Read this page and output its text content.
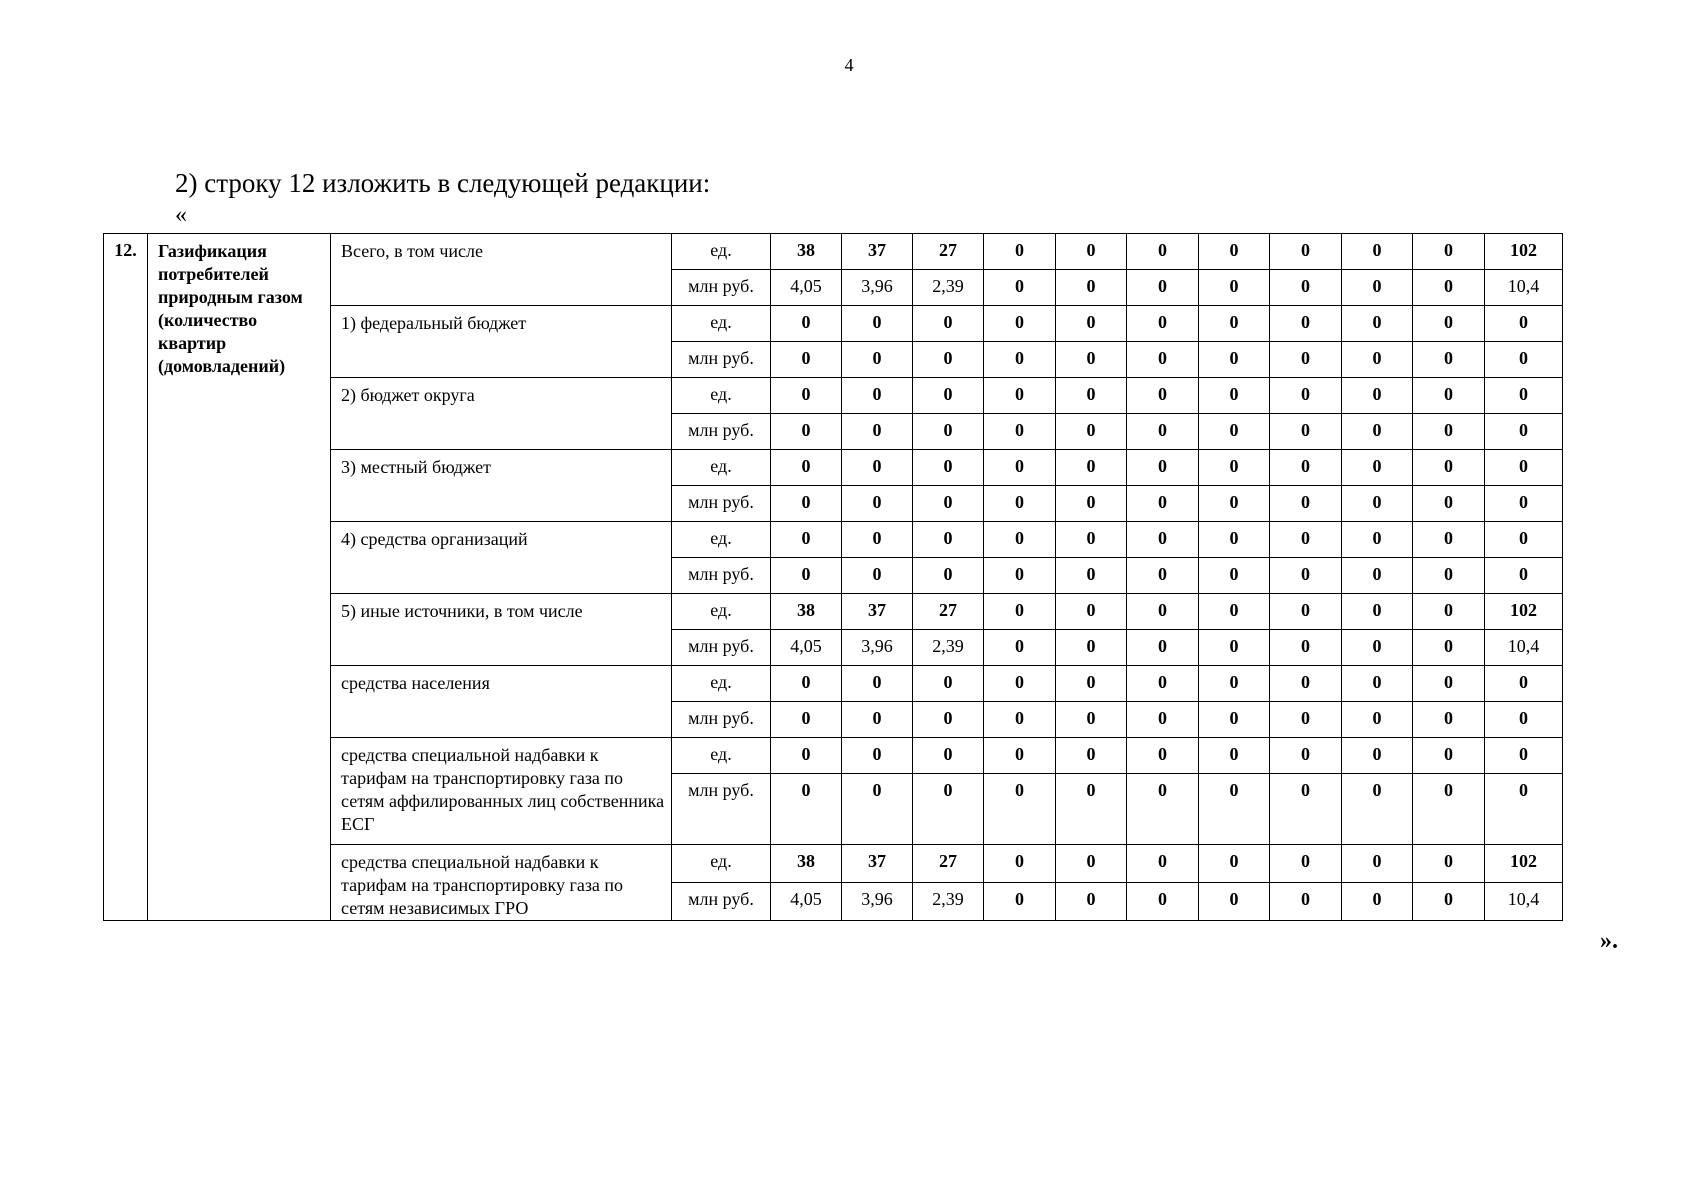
4
2) строку 12 изложить в следующей редакции:
«
12.	Газификация потребителей природным газом (количество квартир (домовладений)	Всего, в том числе	ед.	38	37	27	0	0	0	0	0	0	0	102
			млн руб.	4,05	3,96	2,39	0	0	0	0	0	0	0	10,4
		1) федеральный бюджет	ед.	0	0	0	0	0	0	0	0	0	0	0
			млн руб.	0	0	0	0	0	0	0	0	0	0	0
		2) бюджет округа	ед.	0	0	0	0	0	0	0	0	0	0	0
			млн руб.	0	0	0	0	0	0	0	0	0	0	0
		3) местный бюджет	ед.	0	0	0	0	0	0	0	0	0	0	0
			млн руб.	0	0	0	0	0	0	0	0	0	0	0
		4) средства организаций	ед.	0	0	0	0	0	0	0	0	0	0	0
			млн руб.	0	0	0	0	0	0	0	0	0	0	0
		5) иные источники, в том числе	ед.	38	37	27	0	0	0	0	0	0	0	102
			млн руб.	4,05	3,96	2,39	0	0	0	0	0	0	0	10,4
		средства населения	ед.	0	0	0	0	0	0	0	0	0	0	0
			млн руб.	0	0	0	0	0	0	0	0	0	0	0
		средства специальной надбавки к тарифам на транспортировку газа по сетям аффилированных лиц собственника ЕСГ	ед.	0	0	0	0	0	0	0	0	0	0	0
			млн руб.	0	0	0	0	0	0	0	0	0	0	0
		средства специальной надбавки к тарифам на транспортировку газа по сетям независимых ГРО	ед.	38	37	27	0	0	0	0	0	0	0	102
			млн руб.	4,05	3,96	2,39	0	0	0	0	0	0	0	10,4
».
